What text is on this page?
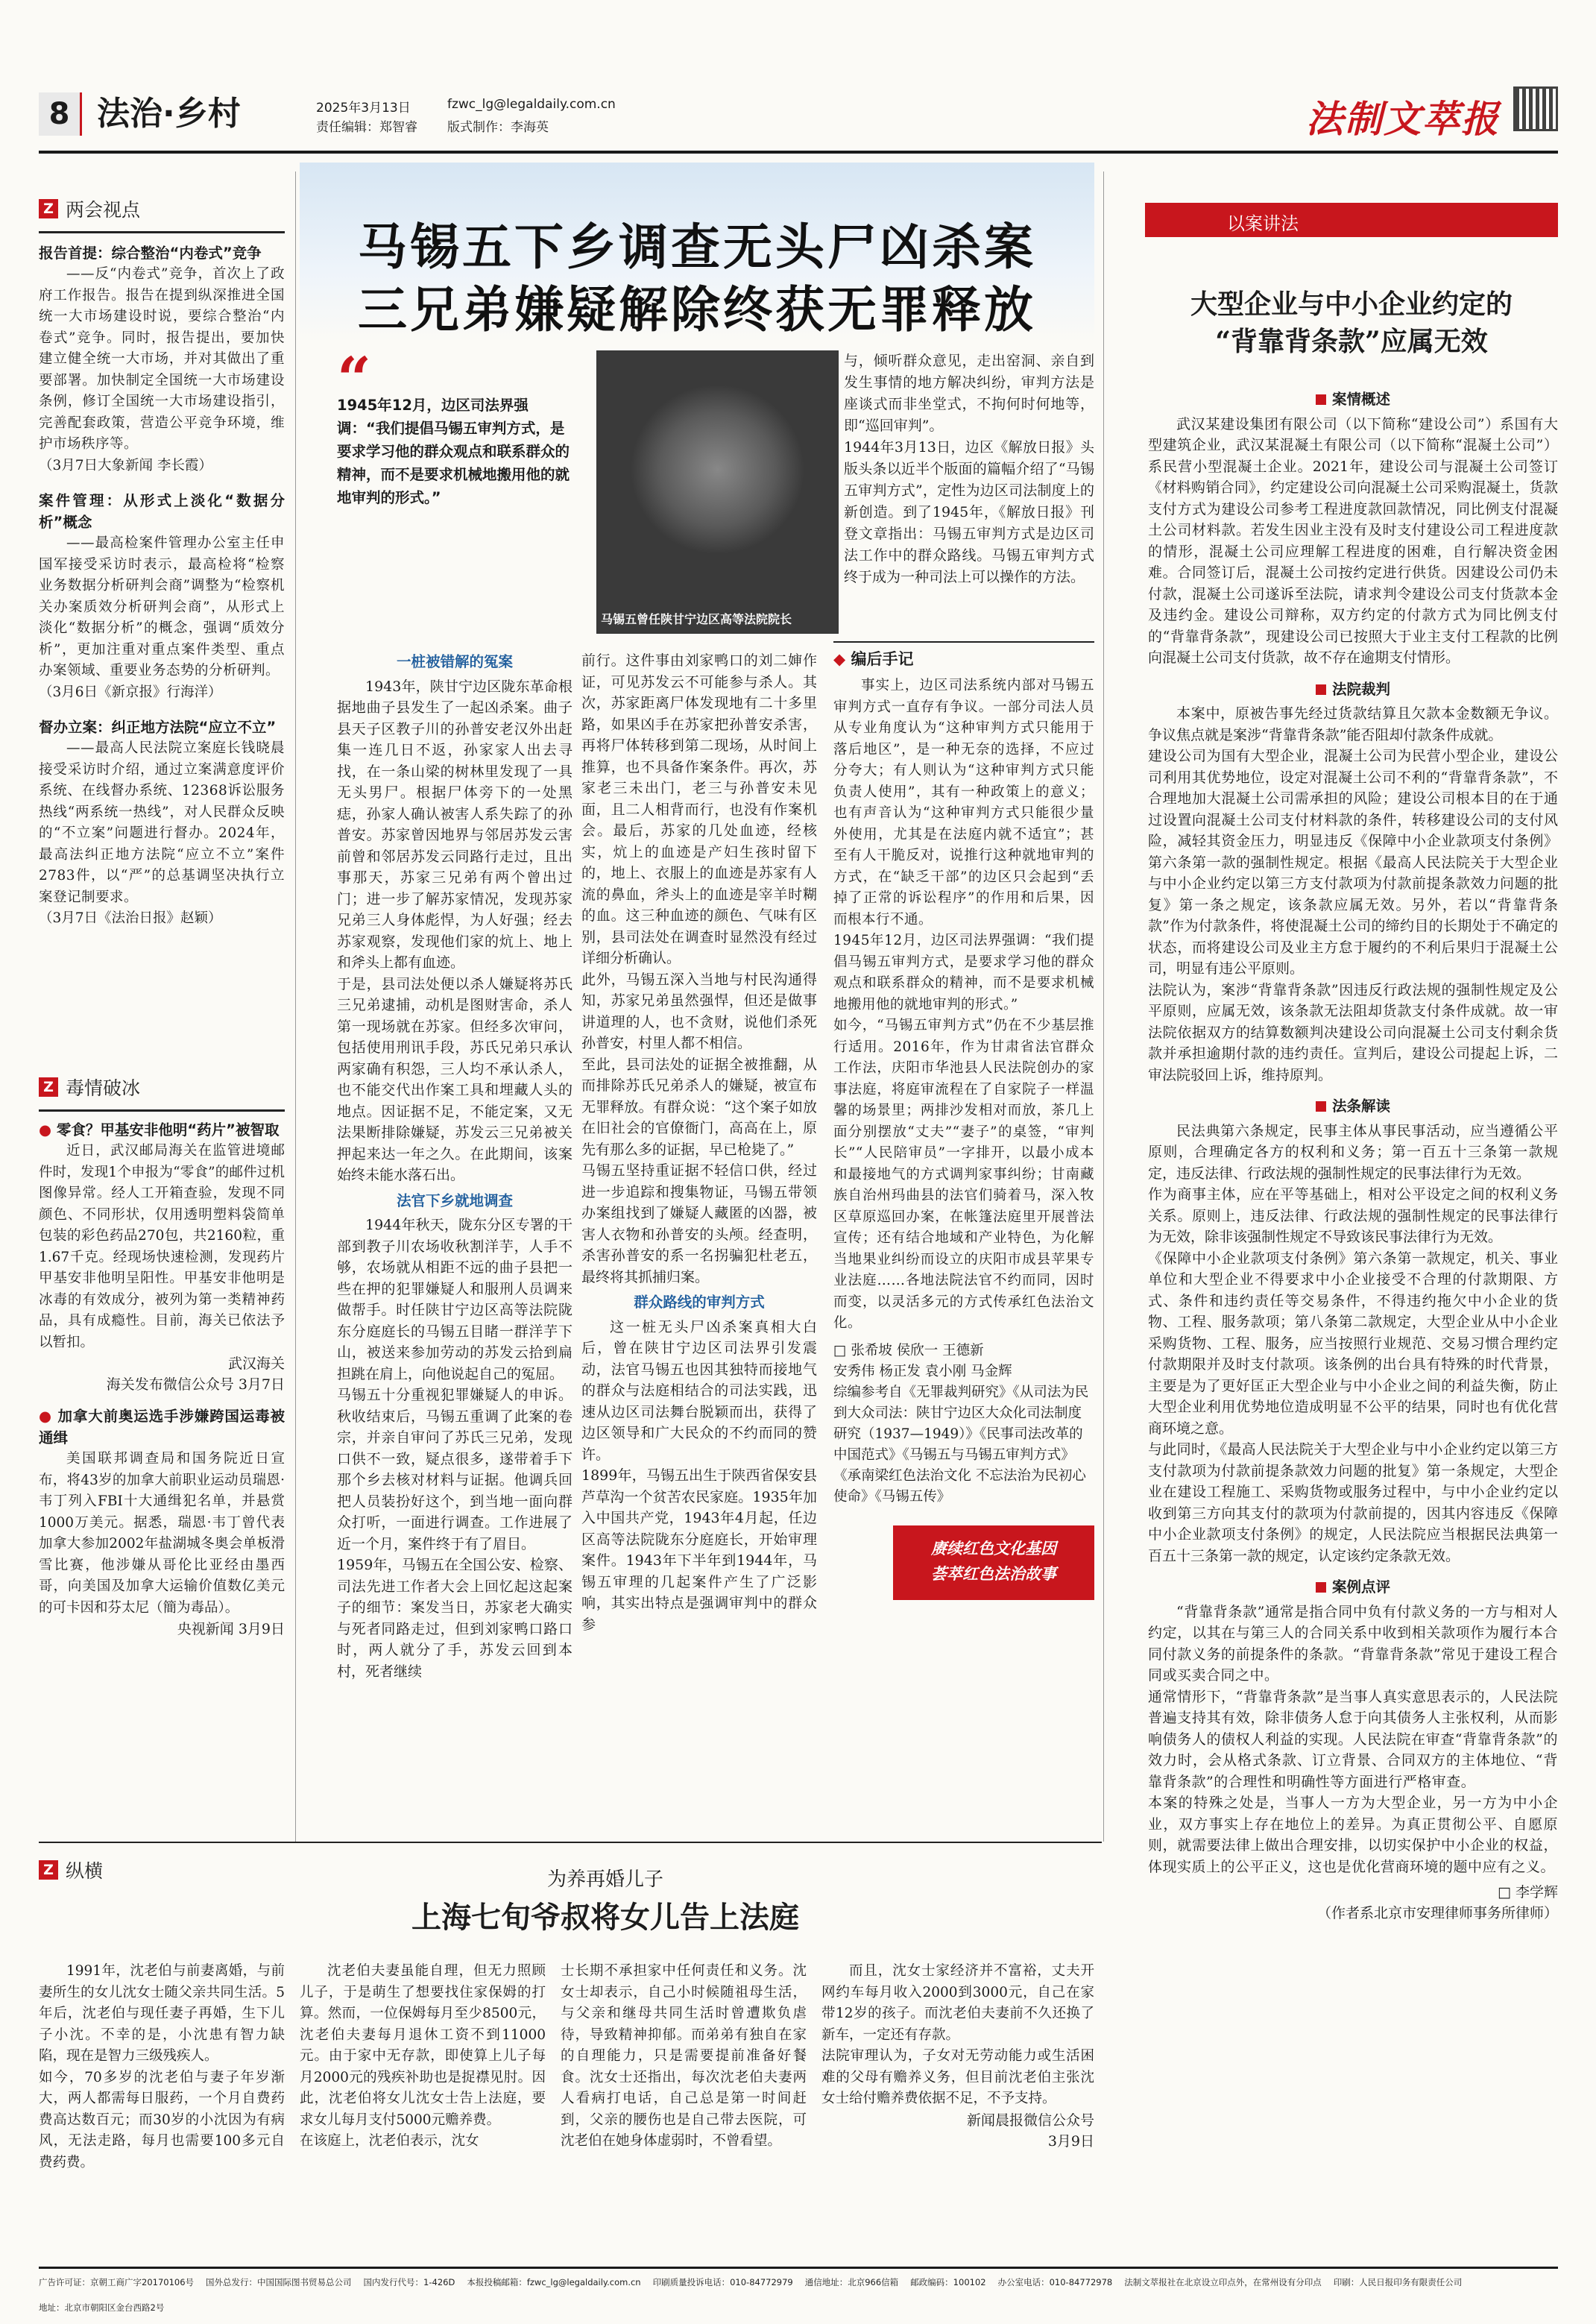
8 法治·乡村	2025年3月13日
责任编辑：郑智睿
fzwc_lg@legaldaily.com.cn
版式制作：李海英	法制文萃报
Z 两会视点
报告首提：综合整治“内卷式”竞争

——反“内卷式”竞争，首次上了政府工作报告。报告在提到纵深推进全国统一大市场建设时说，要综合整治“内卷式”竞争。同时，报告提出，要加快建立健全统一大市场，并对其做出了重要部署。加快制定全国统一大市场建设条例，修订全国统一大市场建设指引，完善配套政策，营造公平竞争环境，维护市场秩序等。

（3月7日大象新闻 李长霞）
案件管理：从形式上淡化“数据分析”概念

——最高检案件管理办公室主任申国军接受采访时表示，最高检将“检察业务数据分析研判会商”调整为“检察机关办案质效分析研判会商”，从形式上淡化“数据分析”的概念，强调“质效分析”，更加注重对重点案件类型、重点办案领域、重要业务态势的分析研判。

（3月6日《新京报》行海洋）
督办立案：纠正地方法院“应立不立”

——最高人民法院立案庭长钱晓晨接受采访时介绍，通过立案满意度评价系统、在线督办系统、12368诉讼服务热线“两系统一热线”，对人民群众反映的“不立案”问题进行督办。2024年，最高法纠正地方法院“应立不立”案件2783件，以“严”的总基调坚决执行立案登记制要求。

（3月7日《法治日报》赵颖）
Z 毒情破冰
● 零食？甲基安非他明“药片”被智取

近日，武汉邮局海关在监管进境邮件时，发现1个申报为“零食”的邮件过机图像异常。经人工开箱查验，发现不同颜色、不同形状，仅用透明塑料袋简单包装的彩色药品270包，共2160粒，重1.67千克。经现场快速检测，发现药片甲基安非他明呈阳性。甲基安非他明是冰毒的有效成分，被列为第一类精神药品，具有成瘾性。目前，海关已依法予以暂扣。

武汉海关
海关发布微信公众号 3月7日
● 加拿大前奥运选手涉嫌跨国运毒被通缉

美国联邦调查局和国务院近日宣布，将43岁的加拿大前职业运动员瑞恩·韦丁列入FBI十大通缉犯名单，并悬赏1000万美元。据悉，瑞恩·韦丁曾代表加拿大参加2002年盐湖城冬奥会单板滑雪比赛，他涉嫌从哥伦比亚经由墨西哥，向美国及加拿大运输价值数亿美元的可卡因和芬太尼（簡为毒品）。

央视新闻 3月9日
马锡五下乡调查无头尸凶杀案
三兄弟嫌疑解除终获无罪释放
“
1945年12月，边区司法界强调：“我们提倡马锡五审判方式，是要求学习他的群众观点和联系群众的精神，而不是要求机械地搬用他的就地审判的形式。”
马锡五曾任陕甘宁边区高等法院院长

与，倾听群众意见，走出窑洞、亲自到发生事情的地方解决纠纷，审判方法是座谈式而非坐堂式，不拘何时何地等，即“巡回审判”。
1944年3月13日，边区《解放日报》头版头条以近半个版面的篇幅介绍了“马锡五审判方式”，定性为边区司法制度上的新创造。到了1945年，《解放日报》刊登文章指出：马锡五审判方式是边区司法工作中的群众路线。马锡五审判方式终于成为一种司法上可以操作的方法。

一桩被错解的冤案

1943年，陕甘宁边区陇东革命根据地曲子县发生了一起凶杀案。曲子县天子区教子川的孙普安老汉外出赶集一连几日不返，孙家家人出去寻找，在一条山梁的树林里发现了一具无头男尸。根据尸体旁下的一处黑痣，孙家人确认被害人系失踪了的孙普安。苏家曾因地界与邻居苏发云害前曾和邻居苏发云同路行走过，且出事那天，苏家三兄弟有两个曾出过门；进一步了解苏家情况，发现苏家兄弟三人身体彪悍，为人好强；经去苏家观察，发现他们家的炕上、地上和斧头上都有血迹。
于是，县司法处便以杀人嫌疑将苏氏三兄弟逮捕，动机是图财害命，杀人第一现场就在苏家。但经多次审问，包括使用刑讯手段，苏氏兄弟只承认两家确有积怨，三人均不承认杀人，也不能交代出作案工具和埋藏人头的地点。因证据不足，不能定案，又无法果断排除嫌疑，苏发云三兄弟被关押起来达一年之久。在此期间，该案始终未能水落石出。

法官下乡就地调查

1944年秋天，陇东分区专署的干部到教子川农场收秋割洋芋，人手不够，农场就从相距不远的曲子县把一些在押的犯罪嫌疑人和服刑人员调来做帮手。时任陕甘宁边区高等法院陇东分庭庭长的马锡五目睹一群洋芋下山，被送来参加劳动的苏发云拾到扁担跳在肩上，向他说起自己的冤屈。
马锡五十分重视犯罪嫌疑人的申诉。秋收结束后，马锡五重调了此案的卷宗，并亲自审问了苏氏三兄弟，发现口供不一致，疑点很多，遂带着手下那个乡去核对材料与证据。他调兵回把人员装扮好这个，到当地一面向群众打听，一面进行调查。工作进展了近一个月，案件终于有了眉目。
1959年，马锡五在全国公安、检察、司法先进工作者大会上回忆起这起案子的细节：案发当日，苏家老大确实与死者同路走过，但到刘家鸭口路口时，两人就分了手，苏发云回到本村，死者继续

前行。这件事由刘家鸭口的刘二婶作证，可见苏发云不可能参与杀人。其次，苏家距离尸体发现地有二十多里路，如果凶手在苏家把孙普安杀害，再将尸体转移到第二现场，从时间上推算，也不具备作案条件。再次，苏家老三未出门，老三与孙普安未见面，且二人相背而行，也没有作案机会。最后，苏家的几处血迹，经核实，炕上的血迹是产妇生孩时留下的，地上、衣服上的血迹是苏家有人流的鼻血，斧头上的血迹是宰羊时糊的血。这三种血迹的颜色、气味有区别，县司法处在调查时显然没有经过详细分析确认。
此外，马锡五深入当地与村民沟通得知，苏家兄弟虽然强悍，但还是做事讲道理的人，也不贪财，说他们杀死孙普安，村里人都不相信。
至此，县司法处的证据全被推翻，从而排除苏氏兄弟杀人的嫌疑，被宣布无罪释放。有群众说：“这个案子如放在旧社会的官僚衙门，高高在上，原先有那么多的证据，早已枪毙了。”
马锡五坚持重证据不轻信口供，经过进一步追踪和搜集物证，马锡五带领办案组找到了嫌疑人藏匿的凶器，被害人衣物和孙普安的头颅。经查明，杀害孙普安的系一名拐骗犯杜老五，最终将其抓捕归案。

群众路线的审判方式

这一桩无头尸凶杀案真相大白后，曾在陕甘宁边区司法界引发震动，法官马锡五也因其独特而接地气的群众与法庭相结合的司法实践，迅速从边区司法舞台脱颖而出，获得了边区领导和广大民众的不约而同的赞许。
1899年，马锡五出生于陕西省保安县芦草沟一个贫苦农民家庭。1935年加入中国共产党，1943年4月起，任边区高等法院陇东分庭庭长，开始审理案件。1943年下半年到1944年，马锡五审理的几起案件产生了广泛影响，其实出特点是强调审判中的群众参

◆ 编后手记
事实上，边区司法系统内部对马锡五审判方式一直存有争议。一部分司法人员从专业角度认为“这种审判方式只能用于落后地区”，是一种无奈的选择，不应过分夸大；有人则认为“这种审判方式只能负责人使用”，其有一种政策上的意义；也有声音认为“这种审判方式只能很少量外使用，尤其是在法庭内就不适宜”；甚至有人干脆反对，说推行这种就地审判的方式，在“缺乏干部”的边区只会起到“丢掉了正常的诉讼程序”的作用和后果，因而根本行不通。
1945年12月，边区司法界强调：“我们提倡马锡五审判方式，是要求学习他的群众观点和联系群众的精神，而不是要求机械地搬用他的就地审判的形式。”
如今，“马锡五审判方式”仍在不少基层推行适用。2016年，作为甘肃省法官群众工作法，庆阳市华池县人民法院创办的家事法庭，将庭审流程在了自家院子一样温馨的场景里；两排沙发相对而放，茶几上面分别摆放“丈夫”“妻子”的桌签，“审判长”“人民陪审员”一字排开，以最小成本和最接地气的方式调判家事纠纷；甘南藏族自治州玛曲县的法官们骑着马，深入牧区草原巡回办案，在帐篷法庭里开展普法宣传；还有结合地域和产业特色，为化解当地果业纠纷而设立的庆阳市成县苹果专业法庭……各地法院法官不约而同，因时而变，以灵活多元的方式传承红色法治文化。
□ 张希坡 侯欣一 王德新
安秀伟 杨正发 袁小刚 马金辉
综编参考自《无罪裁判研究》《从司法为民到大众司法：陕甘宁边区大众化司法制度研究（1937—1949）》《民事司法改革的中国范式》《马锡五与马锡五审判方式》《承南梁红色法治文化 不忘法治为民初心使命》《马锡五传》
赓续红色文化基因
荟萃红色法治故事
以案讲法
大型企业与中小企业约定的
“背靠背条款”应属无效
案情概述

武汉某建设集团有限公司（以下简称“建设公司”）系国有大型建筑企业，武汉某混凝土有限公司（以下简称“混凝土公司”）系民营小型混凝土企业。2021年，建设公司与混凝土公司签订《材料购销合同》，约定建设公司向混凝土公司采购混凝土，货款支付方式为建设公司参考工程进度款回款情况，同比例支付混凝土公司材料款。若发生因业主没有及时支付建设公司工程进度款的情形，混凝土公司应理解工程进度的困难，自行解决资金困难。合同签订后，混凝土公司按约定进行供货。因建设公司仍未付款，混凝土公司遂诉至法院，请求判令建设公司支付货款本金及违约金。建设公司辩称，双方约定的付款方式为同比例支付的“背靠背条款”，现建设公司已按照大于业主支付工程款的比例向混凝土公司支付货款，故不存在逾期支付情形。

法院裁判

本案中，原被告事先经过货款结算且欠款本金数额无争议。争议焦点就是案涉“背靠背条款”能否阻却付款条件成就。
建设公司为国有大型企业，混凝土公司为民营小型企业，建设公司利用其优势地位，设定对混凝土公司不利的“背靠背条款”，不合理地加大混凝土公司需承担的风险；建设公司根本目的在于通过设置向混凝土公司支付材料款的条件，转移建设公司的支付风险，减轻其资金压力，明显违反《保障中小企业款项支付条例》第六条第一款的强制性规定。根据《最高人民法院关于大型企业与中小企业约定以第三方支付款项为付款前提条款效力问题的批复》第一条之规定，该条款应属无效。另外，若以“背靠背条款”作为付款条件，将使混凝土公司的缔约目的长期处于不确定的状态，而将建设公司及业主方怠于履约的不利后果归于混凝土公司，明显有违公平原则。
法院认为，案涉“背靠背条款”因违反行政法规的强制性规定及公平原则，应属无效，该条款无法阻却货款支付条件成就。故一审法院依据双方的结算数额判决建设公司向混凝土公司支付剩余货款并承担逾期付款的违约责任。宣判后，建设公司提起上诉，二审法院驳回上诉，维持原判。

法条解读

民法典第六条规定，民事主体从事民事活动，应当遵循公平原则，合理确定各方的权利和义务；第一百五十三条第一款规定，违反法律、行政法规的强制性规定的民事法律行为无效。
作为商事主体，应在平等基础上，相对公平设定之间的权利义务关系。原则上，违反法律、行政法规的强制性规定的民事法律行为无效，除非该强制性规定不导致该民事法律行为无效。
《保障中小企业款项支付条例》第六条第一款规定，机关、事业单位和大型企业不得要求中小企业接受不合理的付款期限、方式、条件和违约责任等交易条件，不得违约拖欠中小企业的货物、工程、服务款项；第八条第二款规定，大型企业从中小企业采购货物、工程、服务，应当按照行业规范、交易习惯合理约定付款期限并及时支付款项。该条例的出台具有特殊的时代背景，主要是为了更好匡正大型企业与中小企业之间的利益失衡，防止大型企业利用优势地位造成明显不公平的结果，同时也有优化营商环境之意。
与此同时，《最高人民法院关于大型企业与中小企业约定以第三方支付款项为付款前提条款效力问题的批复》第一条规定，大型企业在建设工程施工、采购货物或服务过程中，与中小企业约定以收到第三方向其支付的款项为付款前提的，因其内容违反《保障中小企业款项支付条例》的规定，人民法院应当根据民法典第一百五十三条第一款的规定，认定该约定条款无效。

案例点评

“背靠背条款”通常是指合同中负有付款义务的一方与相对人约定，以其在与第三人的合同关系中收到相关款项作为履行本合同付款义务的前提条件的条款。“背靠背条款”常见于建设工程合同或买卖合同之中。
通常情形下，“背靠背条款”是当事人真实意思表示的，人民法院普遍支持其有效，除非债务人怠于向其债务人主张权利，从而影响债务人的债权人利益的实现。人民法院在审查“背靠背条款”的效力时，会从格式条款、订立背景、合同双方的主体地位、“背靠背条款”的合理性和明确性等方面进行严格审查。
本案的特殊之处是，当事人一方为大型企业，另一方为中小企业，双方事实上存在地位上的差异。为真正贯彻公平、自愿原则，就需要法律上做出合理安排，以切实保护中小企业的权益，体现实质上的公平正义，这也是优化营商环境的题中应有之义。

□ 李学辉
（作者系北京市安理律师事务所律师）
Z 纵横	为养再婚儿子
上海七旬爷叔将女儿告上法庭
1991年，沈老伯与前妻离婚，与前妻所生的女儿沈女士随父亲共同生活。5年后，沈老伯与现任妻子再婚，生下儿子小沈。不幸的是，小沈患有智力缺陷，现在是智力三级残疾人。
如今，70多岁的沈老伯与妻子年岁渐大，两人都需每日服药，一个月自费药费高达数百元；而30岁的小沈因为有病风，无法走路，每月也需要100多元自费药费。
沈老伯夫妻虽能自理，但无力照顾儿子，于是萌生了想要找住家保姆的打算。然而，一位保姆每月至少8500元，沈老伯夫妻每月退休工资不到11000元。由于家中无存款，即使算上儿子每月2000元的残疾补助也是捉襟见肘。因此，沈老伯将女儿沈女士告上法庭，要求女儿每月支付5000元赡养费。
在该庭上，沈老伯表示，沈女
士长期不承担家中任何责任和义务。沈女士却表示，自己小时候随祖母生活，与父亲和继母共同生活时曾遭欺负虐待，导致精神抑郁。而弟弟有独自在家的自理能力，只是需要提前准备好餐食。沈女士还指出，每次沈老伯夫妻两人看病打电话，自己总是第一时间赶到，父亲的腰伤也是自己带去医院，可沈老伯在她身体虚弱时，不曾看望。

而且，沈女士家经济并不富裕，丈夫开网约车每月收入2000到3000元，自己在家带12岁的孩子。而沈老伯夫妻前不久还换了新车，一定还有存款。
法院审理认为，子女对无劳动能力或生活困难的父母有赡养义务，但目前沈老伯主张沈女士给付赡养费依据不足，不予支持。

新闻晨报微信公众号
3月9日
广告许可证：京朝工商广字20170106号 国外总发行：中国国际图书贸易总公司 国内发行代号：1-426D 本报投稿邮箱：fzwc_lg@legaldaily.com.cn 印刷质量投诉电话：010-84772979 通信地址：北京966信箱 邮政编码：100102 办公室电话：010-84772978 法制文萃报社在北京设立印点外，在常州设有分印点 印刷：人民日报印务有限责任公司
地址：北京市朝阳区金台西路2号
